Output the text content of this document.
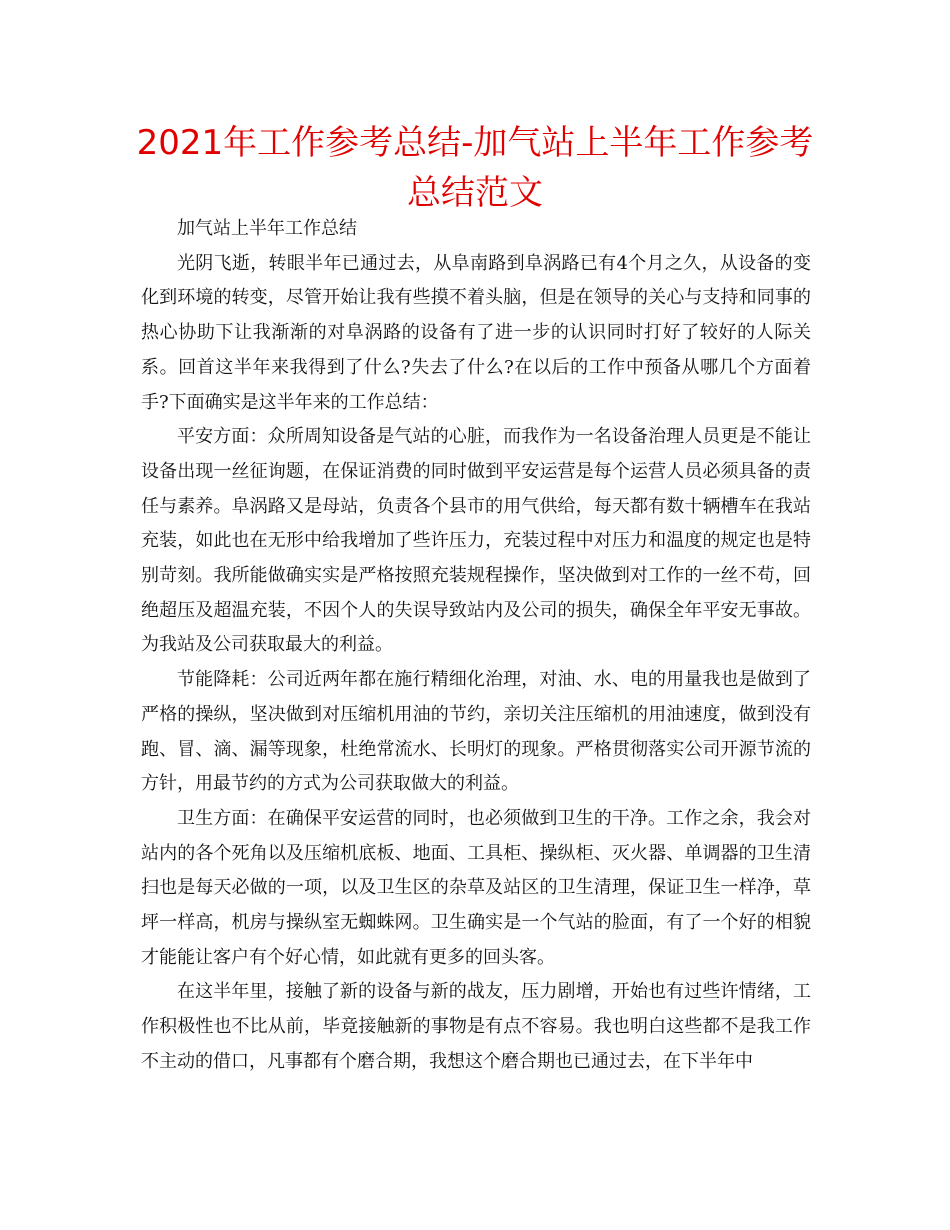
2021年工作参考总结-加气站上半年工作参考总结范文

加气站上半年工作总结

光阴飞逝，转眼半年已通过去，从阜南路到阜涡路已有4个月之久，从设备的变化到环境的转变，尽管开始让我有些摸不着头脑，但是在领导的关心与支持和同事的热心协助下让我渐渐的对阜涡路的设备有了进一步的认识同时打好了较好的人际关系。回首这半年来我得到了什么?失去了什么?在以后的工作中预备从哪几个方面着手?下面确实是这半年来的工作总结：

平安方面：众所周知设备是气站的心脏，而我作为一名设备治理人员更是不能让设备出现一丝征询题，在保证消费的同时做到平安运营是每个运营人员必须具备的责任与素养。阜涡路又是母站，负责各个县市的用气供给，每天都有数十辆槽车在我站充装，如此也在无形中给我增加了些许压力，充装过程中对压力和温度的规定也是特别苛刻。我所能做确实实是严格按照充装规程操作，坚决做到对工作的一丝不苟，回绝超压及超温充装，不因个人的失误导致站内及公司的损失，确保全年平安无事故。为我站及公司获取最大的利益。

节能降耗：公司近两年都在施行精细化治理，对油、水、电的用量我也是做到了严格的操纵，坚决做到对压缩机用油的节约，亲切关注压缩机的用油速度，做到没有跑、冒、滴、漏等现象，杜绝常流水、长明灯的现象。严格贯彻落实公司开源节流的方针，用最节约的方式为公司获取做大的利益。

卫生方面：在确保平安运营的同时，也必须做到卫生的干净。工作之余，我会对站内的各个死角以及压缩机底板、地面、工具柜、操纵柜、灭火器、单调器的卫生清扫也是每天必做的一项，以及卫生区的杂草及站区的卫生清理，保证卫生一样净，草坪一样高，机房与操纵室无蜘蛛网。卫生确实是一个气站的脸面，有了一个好的相貌才能能让客户有个好心情，如此就有更多的回头客。

在这半年里，接触了新的设备与新的战友，压力剧增，开始也有过些许情绪，工作积极性也不比从前，毕竟接触新的事物是有点不容易。我也明白这些都不是我工作不主动的借口，凡事都有个磨合期，我想这个磨合期也已通过去，在下半年中
